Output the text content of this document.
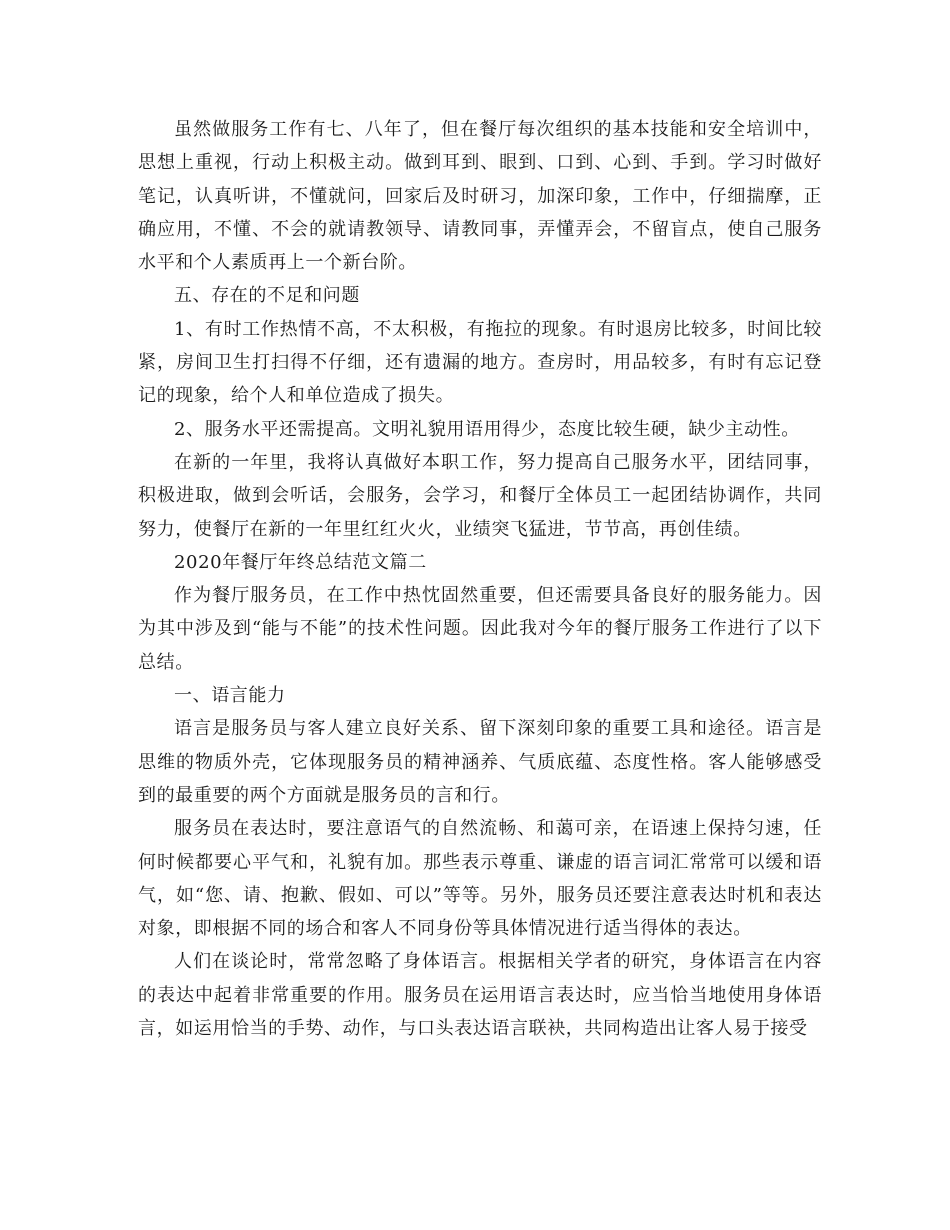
虽然做服务工作有七、八年了，但在餐厅每次组织的基本技能和安全培训中，思想上重视，行动上积极主动。做到耳到、眼到、口到、心到、手到。学习时做好笔记，认真听讲，不懂就问，回家后及时研习，加深印象，工作中，仔细揣摩，正确应用，不懂、不会的就请教领导、请教同事，弄懂弄会，不留盲点，使自己服务水平和个人素质再上一个新台阶。

五、存在的不足和问题

1、有时工作热情不高，不太积极，有拖拉的现象。有时退房比较多，时间比较紧，房间卫生打扫得不仔细，还有遗漏的地方。查房时，用品较多，有时有忘记登记的现象，给个人和单位造成了损失。

2、服务水平还需提高。文明礼貌用语用得少，态度比较生硬，缺少主动性。

在新的一年里，我将认真做好本职工作，努力提高自己服务水平，团结同事，积极进取，做到会听话，会服务，会学习，和餐厅全体员工一起团结协调作，共同努力，使餐厅在新的一年里红红火火，业绩突飞猛进，节节高，再创佳绩。

2020年餐厅年终总结范文篇二

作为餐厅服务员，在工作中热忱固然重要，但还需要具备良好的服务能力。因为其中涉及到“能与不能”的技术性问题。因此我对今年的餐厅服务工作进行了以下总结。

一、语言能力

语言是服务员与客人建立良好关系、留下深刻印象的重要工具和途径。语言是思维的物质外壳，它体现服务员的精神涵养、气质底蕴、态度性格。客人能够感受到的最重要的两个方面就是服务员的言和行。

服务员在表达时，要注意语气的自然流畅、和蔼可亲，在语速上保持匀速，任何时候都要心平气和，礼貌有加。那些表示尊重、谦虚的语言词汇常常可以缓和语气，如“您、请、抱歉、假如、可以”等等。另外，服务员还要注意表达时机和表达对象，即根据不同的场合和客人不同身份等具体情况进行适当得体的表达。

人们在谈论时，常常忽略了身体语言。根据相关学者的研究，身体语言在内容的表达中起着非常重要的作用。服务员在运用语言表达时，应当恰当地使用身体语言，如运用恰当的手势、动作，与口头表达语言联袂，共同构造出让客人易于接受
